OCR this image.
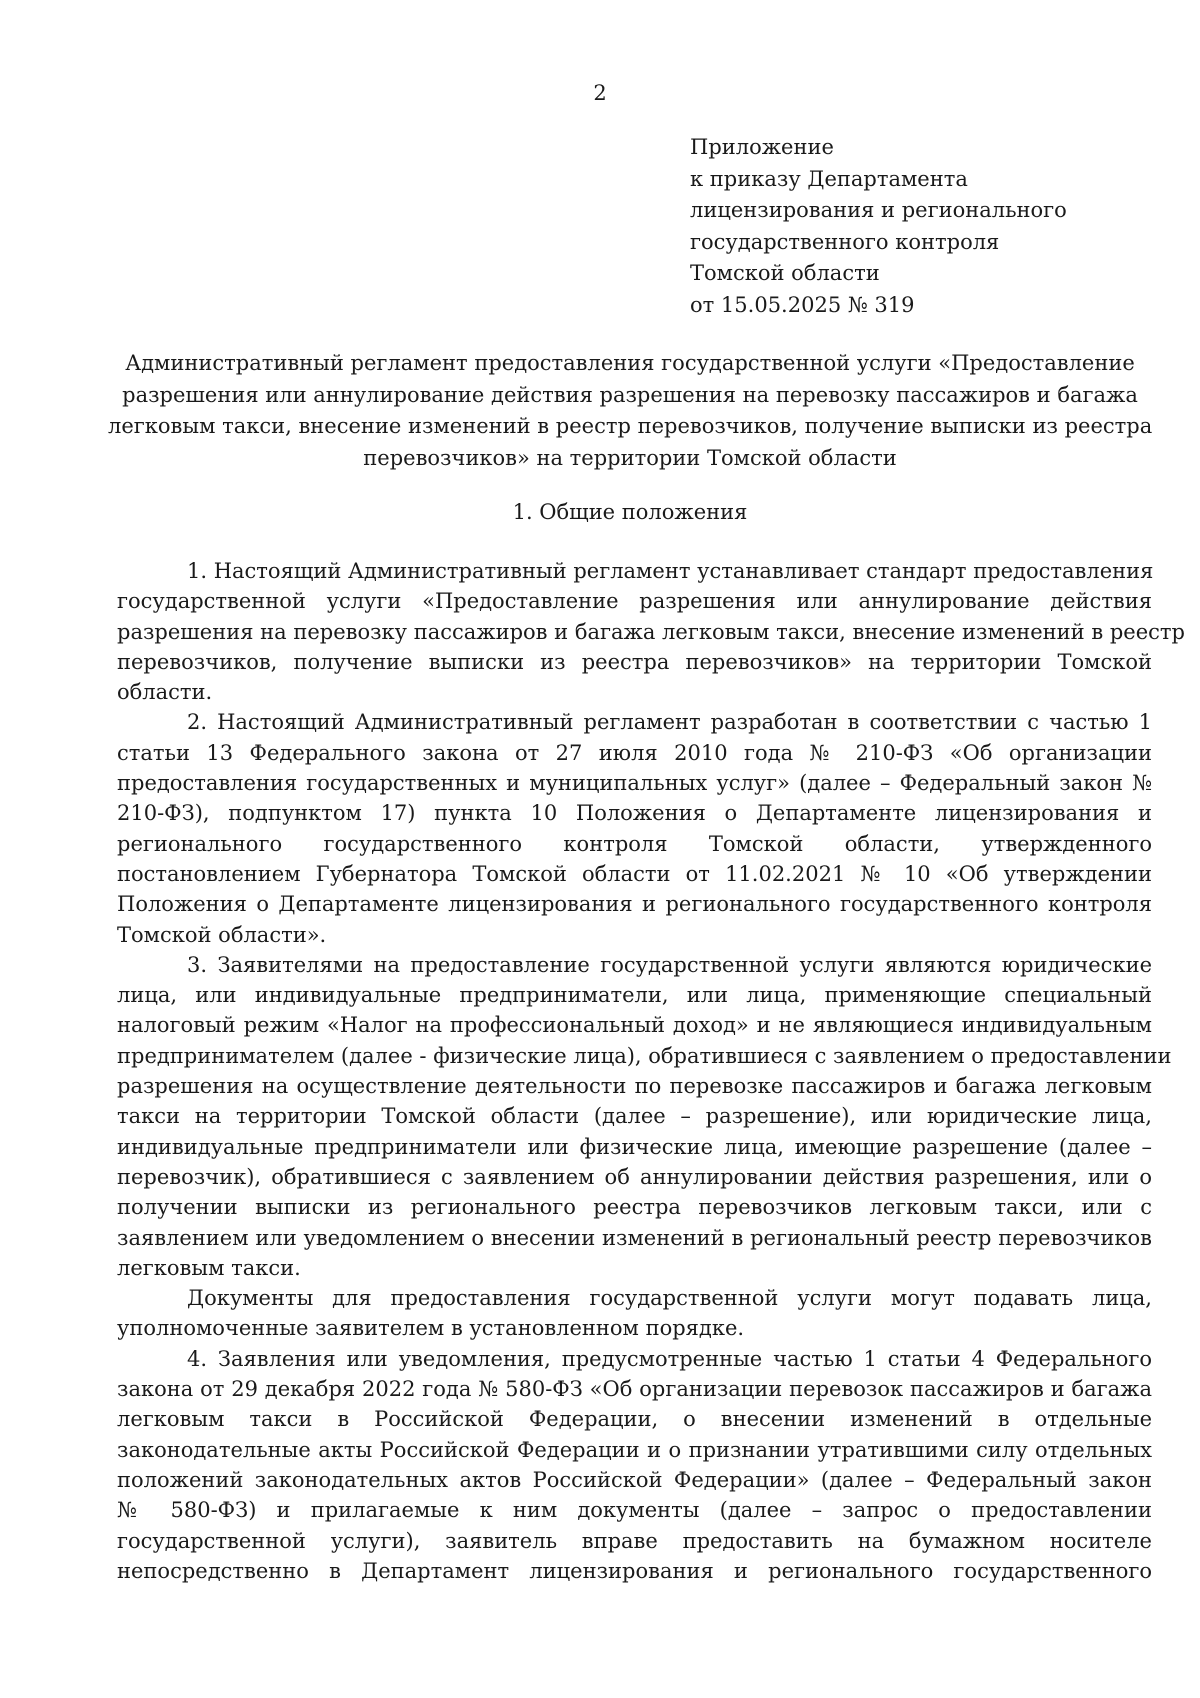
2
Приложение
к приказу Департамента
лицензирования и регионального
государственного контроля
Томской области
от 15.05.2025 № 319
Административный регламент предоставления государственной услуги «Предоставление
разрешения или аннулирование действия разрешения на перевозку пассажиров и багажа
легковым такси, внесение изменений в реестр перевозчиков, получение выписки из реестра
перевозчиков» на территории Томской области
1. Общие положения
1. Настоящий Административный регламент устанавливает стандарт предоставления
государственной услуги «Предоставление разрешения или аннулирование действия
разрешения на перевозку пассажиров и багажа легковым такси, внесение изменений в реестр
перевозчиков, получение выписки из реестра перевозчиков» на территории Томской
области.
2. Настоящий Административный регламент разработан в соответствии с частью 1
статьи 13 Федерального закона от 27 июля 2010 года № 210-ФЗ «Об организации
предоставления государственных и муниципальных услуг» (далее – Федеральный закон №
210-ФЗ), подпунктом 17) пункта 10 Положения о Департаменте лицензирования и
регионального государственного контроля Томской области, утвержденного
постановлением Губернатора Томской области от 11.02.2021 № 10 «Об утверждении
Положения о Департаменте лицензирования и регионального государственного контроля
Томской области».
3. Заявителями на предоставление государственной услуги являются юридические
лица, или индивидуальные предприниматели, или лица, применяющие специальный
налоговый режим «Налог на профессиональный доход» и не являющиеся индивидуальным
предпринимателем (далее - физические лица), обратившиеся с заявлением о предоставлении
разрешения на осуществление деятельности по перевозке пассажиров и багажа легковым
такси на территории Томской области (далее – разрешение), или юридические лица,
индивидуальные предприниматели или физические лица, имеющие разрешение (далее –
перевозчик), обратившиеся с заявлением об аннулировании действия разрешения, или о
получении выписки из регионального реестра перевозчиков легковым такси, или с
заявлением или уведомлением о внесении изменений в региональный реестр перевозчиков
легковым такси.
Документы для предоставления государственной услуги могут подавать лица,
уполномоченные заявителем в установленном порядке.
4. Заявления или уведомления, предусмотренные частью 1 статьи 4 Федерального
закона от 29 декабря 2022 года № 580-ФЗ «Об организации перевозок пассажиров и багажа
легковым такси в Российской Федерации, о внесении изменений в отдельные
законодательные акты Российской Федерации и о признании утратившими силу отдельных
положений законодательных актов Российской Федерации» (далее – Федеральный закон
№ 580-ФЗ) и прилагаемые к ним документы (далее – запрос о предоставлении
государственной услуги), заявитель вправе предоставить на бумажном носителе
непосредственно в Департамент лицензирования и регионального государственного
